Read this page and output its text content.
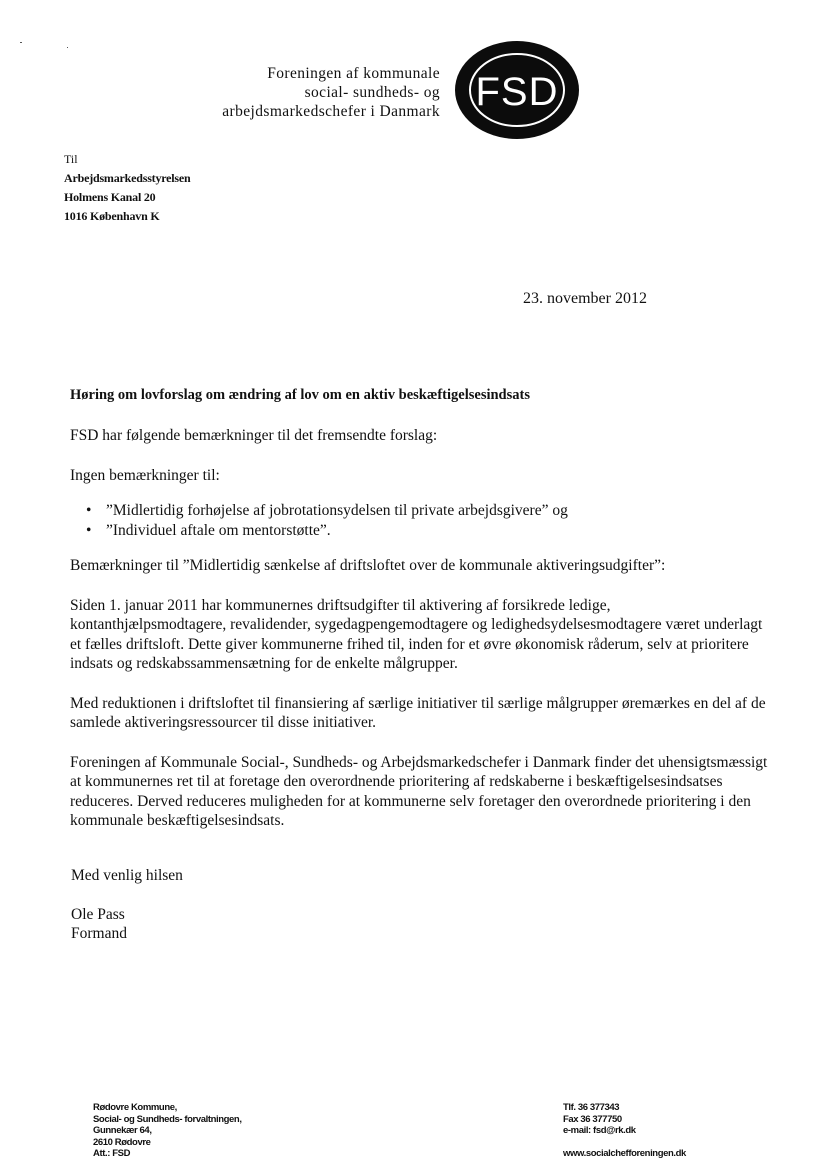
Foreningen af kommunale
social- sundheds- og
arbejdsmarkedschefer i Danmark FSD
Til
Arbejdsmarkedsstyrelsen
Holmens Kanal 20
1016 København K
23. november 2012
Høring om lovforslag om ændring af lov om en aktiv beskæftigelsesindsats

FSD har følgende bemærkninger til det fremsendte forslag:

Ingen bemærkninger til:

• ”Midlertidig forhøjelse af jobrotationsydelsen til private arbejdsgivere” og
• ”Individuel aftale om mentorstøtte”.

Bemærkninger til ”Midlertidig sænkelse af driftsloftet over de kommunale aktiveringsudgifter”:

Siden 1. januar 2011 har kommunernes driftsudgifter til aktivering af forsikrede ledige, kontanthjælpsmodtagere, revalidender, sygedagpengemodtagere og ledighedsydelsesmodtagere været underlagt et fælles driftsloft. Dette giver kommunerne frihed til, inden for et øvre økonomisk råderum, selv at prioritere indsats og redskabssammensætning for de enkelte målgrupper.

Med reduktionen i driftsloftet til finansiering af særlige initiativer til særlige målgrupper øremærkes en del af de samlede aktiveringsressourcer til disse initiativer.

Foreningen af Kommunale Social-, Sundheds- og Arbejdsmarkedschefer i Danmark finder det uhensigtsmæssigt at kommunernes ret til at foretage den overordnende prioritering af redskaberne i beskæftigelsesindsatses reduceres. Derved reduceres muligheden for at kommunerne selv foretager den overordnede prioritering i den kommunale beskæftigelsesindsats.

Med venlig hilsen
Ole Pass
Formand
Rødovre Kommune,
Social- og Sundheds- forvaltningen,
Gunnekær 64,
2610 Rødovre
Att.: FSD
Tlf. 36 377343
Fax 36 377750
e-mail: fsd@rk.dk
www.socialchefforeningen.dk
